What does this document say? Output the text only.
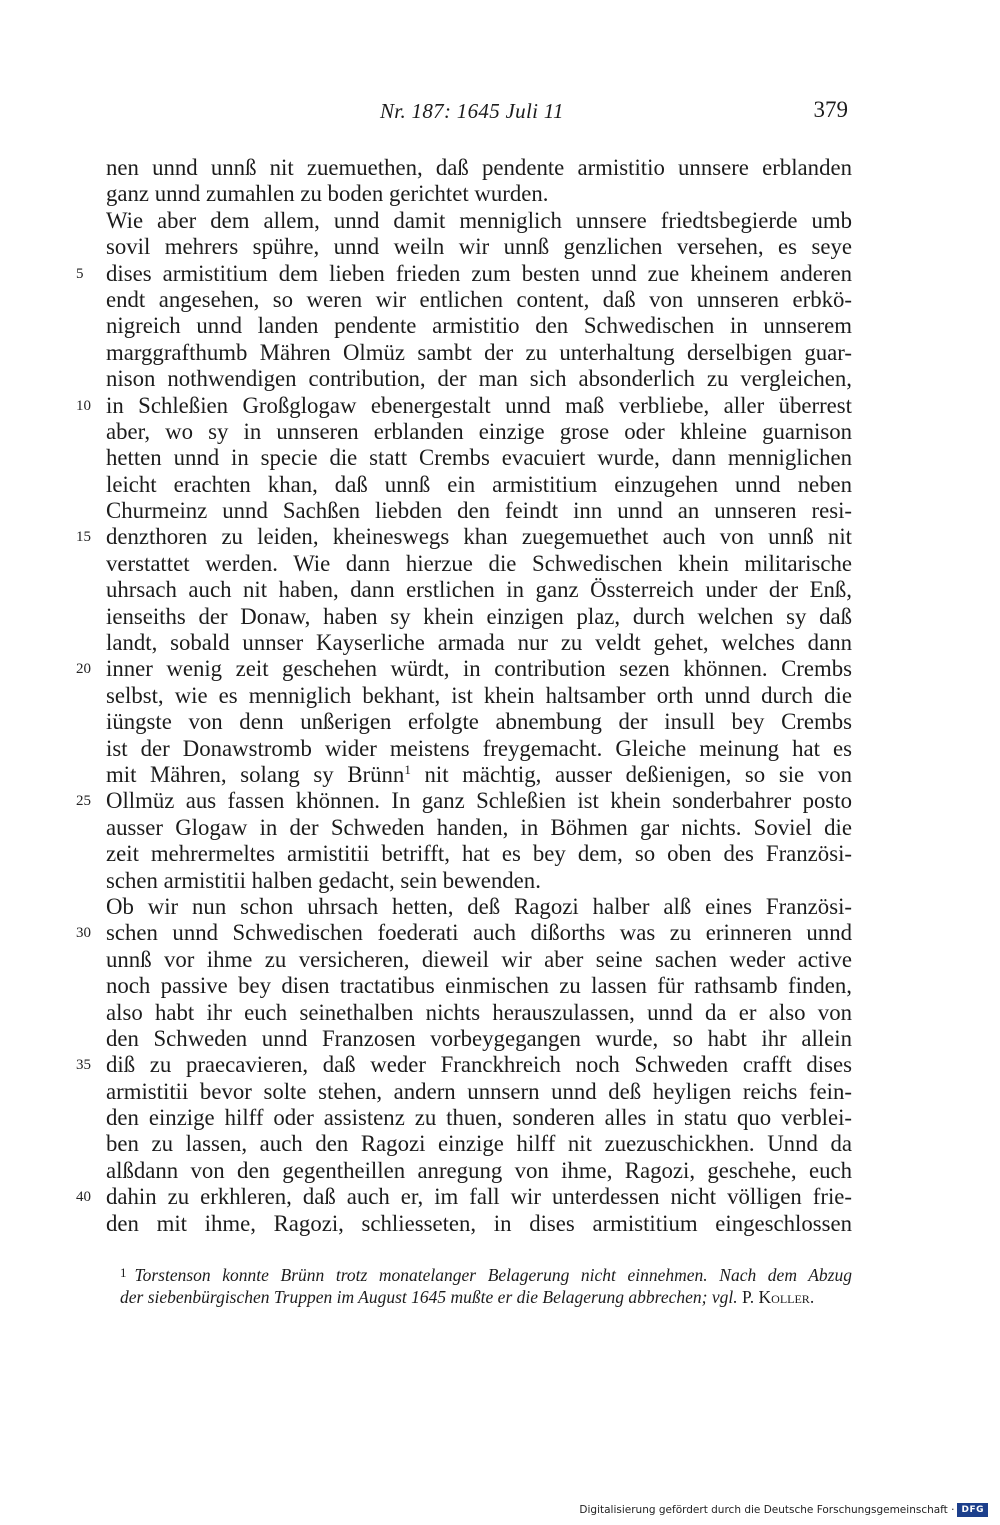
Nr. 187: 1645 Juli 11	379
nen unnd unnß nit zuemuethen, daß pendente armistitio unnsere erblanden
ganz unnd zumahlen zu boden gerichtet wurden.
Wie aber dem allem, unnd damit menniglich unnsere friedtsbegierde umb
sovil mehrers spühre, unnd weiln wir unnß genzlichen versehen, es seye
5 dises armistitium dem lieben frieden zum besten unnd zue kheinem anderen
endt angesehen, so weren wir entlichen content, daß von unnseren erbkö-
nigreich unnd landen pendente armistitio den Schwedischen in unnserem
marggrafthumb Mähren Olmüz sambt der zu unterhaltung derselbigen guar-
nison nothwendigen contribution, der man sich absonderlich zu vergleichen,
10 in Schleßien Großglogaw ebenergestalt unnd maß verbliebe, aller überrest
aber, wo sy in unnseren erblanden einzige grose oder khleine guarnison
hetten unnd in specie die statt Crembs evacuiert wurde, dann menniglichen
leicht erachten khan, daß unnß ein armistitium einzugehen unnd neben
Churmeinz unnd Sachßen liebden den feindt inn unnd an unnseren resi-
15 denzthoren zu leiden, kheineswegs khan zuegemuethet auch von unnß nit
verstattet werden. Wie dann hierzue die Schwedischen khein militarische
uhrsach auch nit haben, dann erstlichen in ganz Össterreich under der Enß,
ienseiths der Donaw, haben sy khein einzigen plaz, durch welchen sy daß
landt, sobald unnser Kayserliche armada nur zu veldt gehet, welches dann
20 inner wenig zeit geschehen würdt, in contribution sezen khönnen. Crembs
selbst, wie es menniglich bekhant, ist khein haltsamber orth unnd durch die
iüngste von denn unßerigen erfolgte abnembung der insull bey Crembs
ist der Donawstromb wider meistens freygemacht. Gleiche meinung hat es
mit Mähren, solang sy Brünn$^1$ nit mächtig, ausser deßienigen, so sie von
25 Ollmüz aus fassen khönnen. In ganz Schleßien ist khein sonderbahrer posto
ausser Glogaw in der Schweden handen, in Böhmen gar nichts. Soviel die
zeit mehrermeltes armistitii betrifft, hat es bey dem, so oben des Französi-
schen armistitii halben gedacht, sein bewenden.
Ob wir nun schon uhrsach hetten, deß Ragozi halber alß eines Französi-
30 schen unnd Schwedischen foederati auch dißorths was zu erinneren unnd
unnß vor ihme zu versicheren, dieweil wir aber seine sachen weder active
noch passive bey disen tractatibus einmischen zu lassen für rathsamb finden,
also habt ihr euch seinethalben nichts herauszulassen, unnd da er also von
den Schweden unnd Franzosen vorbeygegangen wurde, so habt ihr allein
35 diß zu praecavieren, daß weder Franckhreich noch Schweden crafft dises
armistitii bevor solte stehen, andern unnsern unnd deß heyligen reichs fein-
den einzige hilff oder assistenz zu thuen, sonderen alles in statu quo verblei-
ben zu lassen, auch den Ragozi einzige hilff nit zuezuschickhen. Unnd da
alßdann von den gegentheillen anregung von ihme, Ragozi, geschehe, euch
40 dahin zu erkhleren, daß auch er, im fall wir unterdessen nicht völligen frie-
den mit ihme, Ragozi, schliesseten, in dises armistitium eingeschlossen
$^1$ Torstenson konnte Brünn trotz monatelanger Belagerung nicht einnehmen. Nach dem Abzug
der siebenbürgischen Truppen im August 1645 mußte er die Belagerung abbrechen; vgl. P. Koller.
Digitalisierung gefördert durch die Deutsche Forschungsgemeinschaft · DFG
